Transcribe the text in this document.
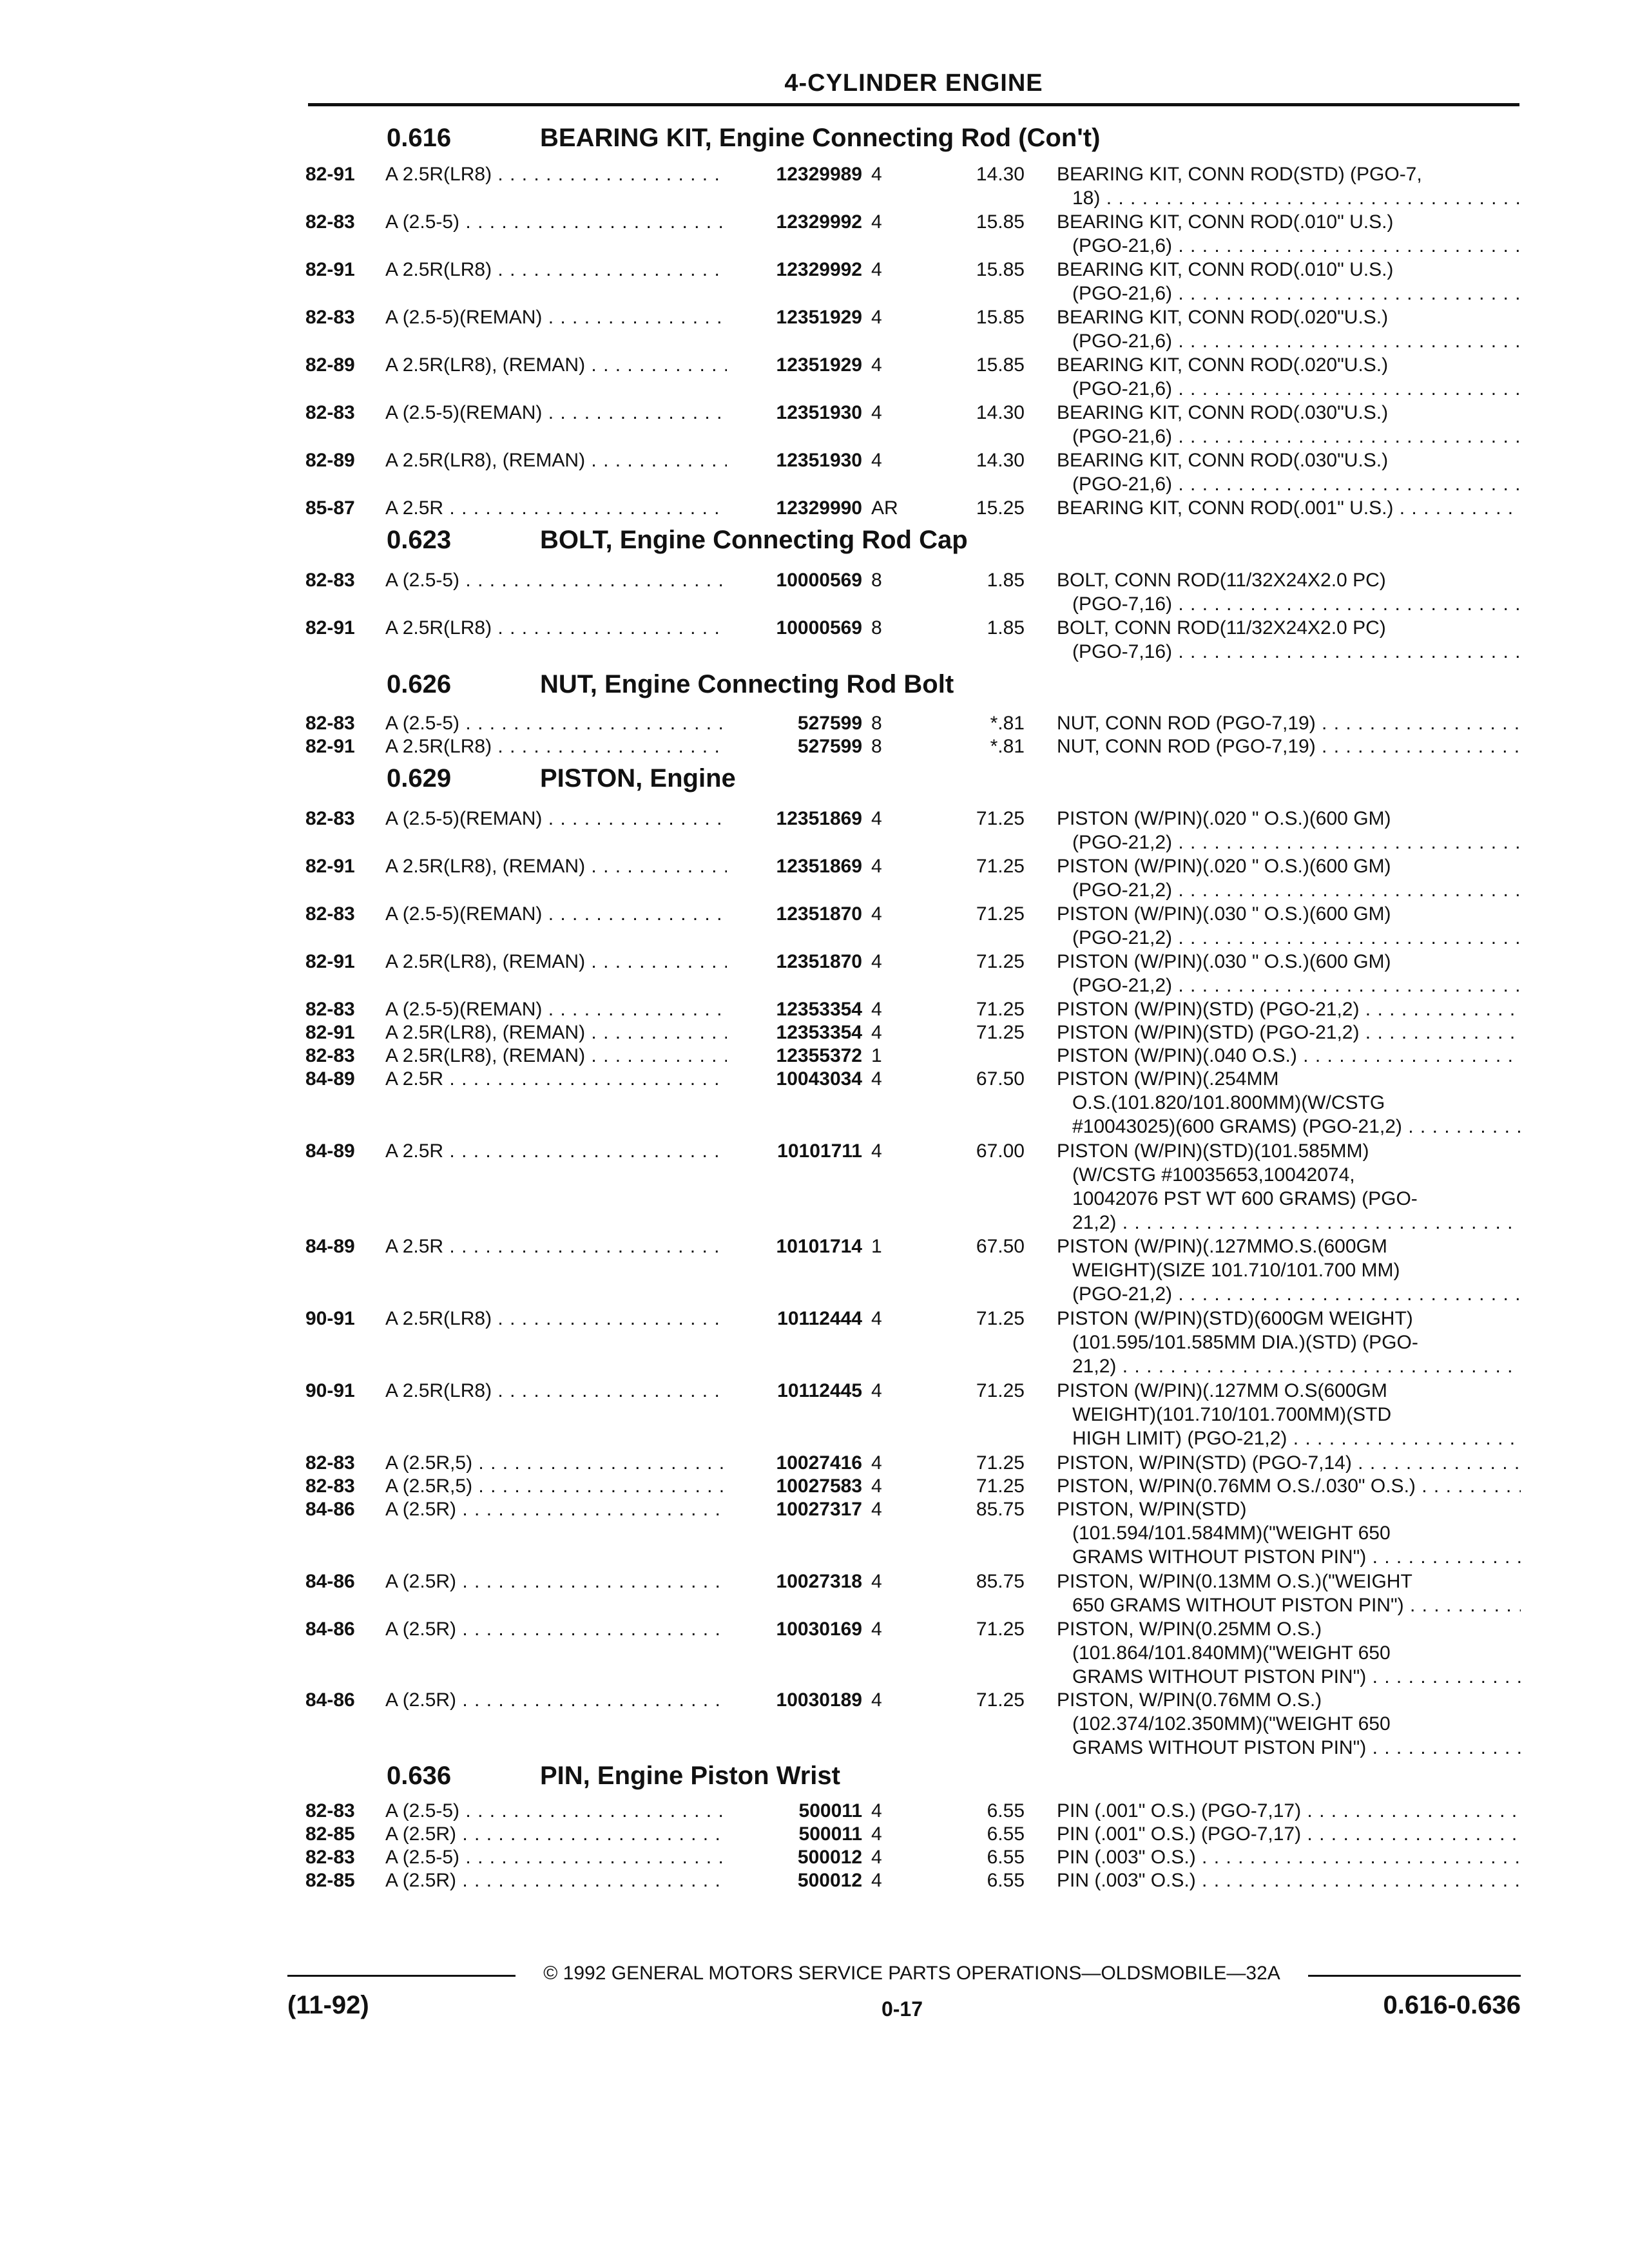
4-CYLINDER ENGINE
0.616	BEARING KIT, Engine Connecting Rod (Con't)
82-91	A 2.5R(LR8) . . .	12329989 4	14.30 BEARING KIT, CONN ROD(STD) (PGO-7,
18) . . .
82-83	A (2.5-5) . . .	12329992 4	15.85 BEARING KIT, CONN ROD(.010" U.S.)
(PGO-21,6) . . .
82-91	A 2.5R(LR8) . . .	12329992 4	15.85 BEARING KIT, CONN ROD(.010" U.S.)
(PGO-21,6) . . .
82-83	A (2.5-5)(REMAN) . . .	12351929 4	15.85 BEARING KIT, CONN ROD(.020"U.S.)
(PGO-21,6) . . .
82-89	A 2.5R(LR8), (REMAN) . . .	12351929 4	15.85 BEARING KIT, CONN ROD(.020"U.S.)
(PGO-21,6) . . .
82-83	A (2.5-5)(REMAN) . . .	12351930 4	14.30 BEARING KIT, CONN ROD(.030"U.S.)
(PGO-21,6) . . .
82-89	A 2.5R(LR8), (REMAN) . . .	12351930 4	14.30 BEARING KIT, CONN ROD(.030"U.S.)
(PGO-21,6) . . .
85-87	A 2.5R . . .	12329990 AR	15.25 BEARING KIT, CONN ROD(.001" U.S.) . . .
0.623	BOLT, Engine Connecting Rod Cap
82-83	A (2.5-5) . . .	10000569 8	1.85 BOLT, CONN ROD(11/32X24X2.0 PC)
(PGO-7,16) . . .
82-91	A 2.5R(LR8) . . .	10000569 8	1.85 BOLT, CONN ROD(11/32X24X2.0 PC)
(PGO-7,16) . . .
0.626	NUT, Engine Connecting Rod Bolt
82-83	A (2.5-5) . . .	527599 8	*.81 NUT, CONN ROD (PGO-7,19) . . .
82-91	A 2.5R(LR8) . . .	527599 8	*.81 NUT, CONN ROD (PGO-7,19) . . .
0.629	PISTON, Engine
82-83	A (2.5-5)(REMAN) . . .	12351869 4	71.25 PISTON (W/PIN)(.020 " O.S.)(600 GM)
(PGO-21,2) . . .
82-91	A 2.5R(LR8), (REMAN) . . .	12351869 4	71.25 PISTON (W/PIN)(.020 " O.S.)(600 GM)
(PGO-21,2) . . .
82-83	A (2.5-5)(REMAN) . . .	12351870 4	71.25 PISTON (W/PIN)(.030 " O.S.)(600 GM)
(PGO-21,2) . . .
82-91	A 2.5R(LR8), (REMAN) . . .	12351870 4	71.25 PISTON (W/PIN)(.030 " O.S.)(600 GM)
(PGO-21,2) . . .
82-83	A (2.5-5)(REMAN) . . .	12353354 4	71.25 PISTON (W/PIN)(STD) (PGO-21,2) . . .
82-91	A 2.5R(LR8), (REMAN) . . .	12353354 4	71.25 PISTON (W/PIN)(STD) (PGO-21,2) . . .
82-83	A 2.5R(LR8), (REMAN) . . .	12355372 1	PISTON (W/PIN)(.040 O.S.) . . .
84-89	A 2.5R . . .	10043034 4	67.50 PISTON (W/PIN)(.254MM
O.S.(101.820/101.800MM)(W/CSTG
#10043025)(600 GRAMS) (PGO-21,2) . . .
84-89	A 2.5R . . .	10101711 4	67.00 PISTON (W/PIN)(STD)(101.585MM)
(W/CSTG #10035653,10042074,
10042076 PST WT 600 GRAMS) (PGO-
21,2) . . .
84-89	A 2.5R . . .	10101714 1	67.50 PISTON (W/PIN)(.127MMO.S.(600GM
WEIGHT)(SIZE 101.710/101.700 MM)
(PGO-21,2) . . .
90-91	A 2.5R(LR8) . . .	10112444 4	71.25 PISTON (W/PIN)(STD)(600GM WEIGHT)
(101.595/101.585MM DIA.)(STD) (PGO-
21,2) . . .
90-91	A 2.5R(LR8) . . .	10112445 4	71.25 PISTON (W/PIN)(.127MM O.S(600GM
WEIGHT)(101.710/101.700MM)(STD
HIGH LIMIT) (PGO-21,2) . . .
82-83	A (2.5R,5) . . .	10027416 4	71.25 PISTON, W/PIN(STD) (PGO-7,14) . . .
82-83	A (2.5R,5) . . .	10027583 4	71.25 PISTON, W/PIN(0.76MM O.S./.030" O.S.) . . .
84-86	A (2.5R) . . .	10027317 4	85.75 PISTON, W/PIN(STD)
(101.594/101.584MM)("WEIGHT 650
GRAMS WITHOUT PISTON PIN") . . .
84-86	A (2.5R) . . .	10027318 4	85.75 PISTON, W/PIN(0.13MM O.S.)("WEIGHT
650 GRAMS WITHOUT PISTON PIN") . . .
84-86	A (2.5R) . . .	10030169 4	71.25 PISTON, W/PIN(0.25MM O.S.)
(101.864/101.840MM)("WEIGHT 650
GRAMS WITHOUT PISTON PIN") . . .
84-86	A (2.5R) . . .	10030189 4	71.25 PISTON, W/PIN(0.76MM O.S.)
(102.374/102.350MM)("WEIGHT 650
GRAMS WITHOUT PISTON PIN") . . .
0.636	PIN, Engine Piston Wrist
82-83	A (2.5-5) . . .	500011 4	6.55 PIN (.001" O.S.) (PGO-7,17) . . .
82-85	A (2.5R) . . .	500011 4	6.55 PIN (.001" O.S.) (PGO-7,17) . . .
82-83	A (2.5-5) . . .	500012 4	6.55 PIN (.003" O.S.) . . .
82-85	A (2.5R) . . .	500012 4	6.55 PIN (.003" O.S.) . . .
© 1992 GENERAL MOTORS SERVICE PARTS OPERATIONS—OLDSMOBILE—32A
(11-92)	0-17	0.616-0.636
